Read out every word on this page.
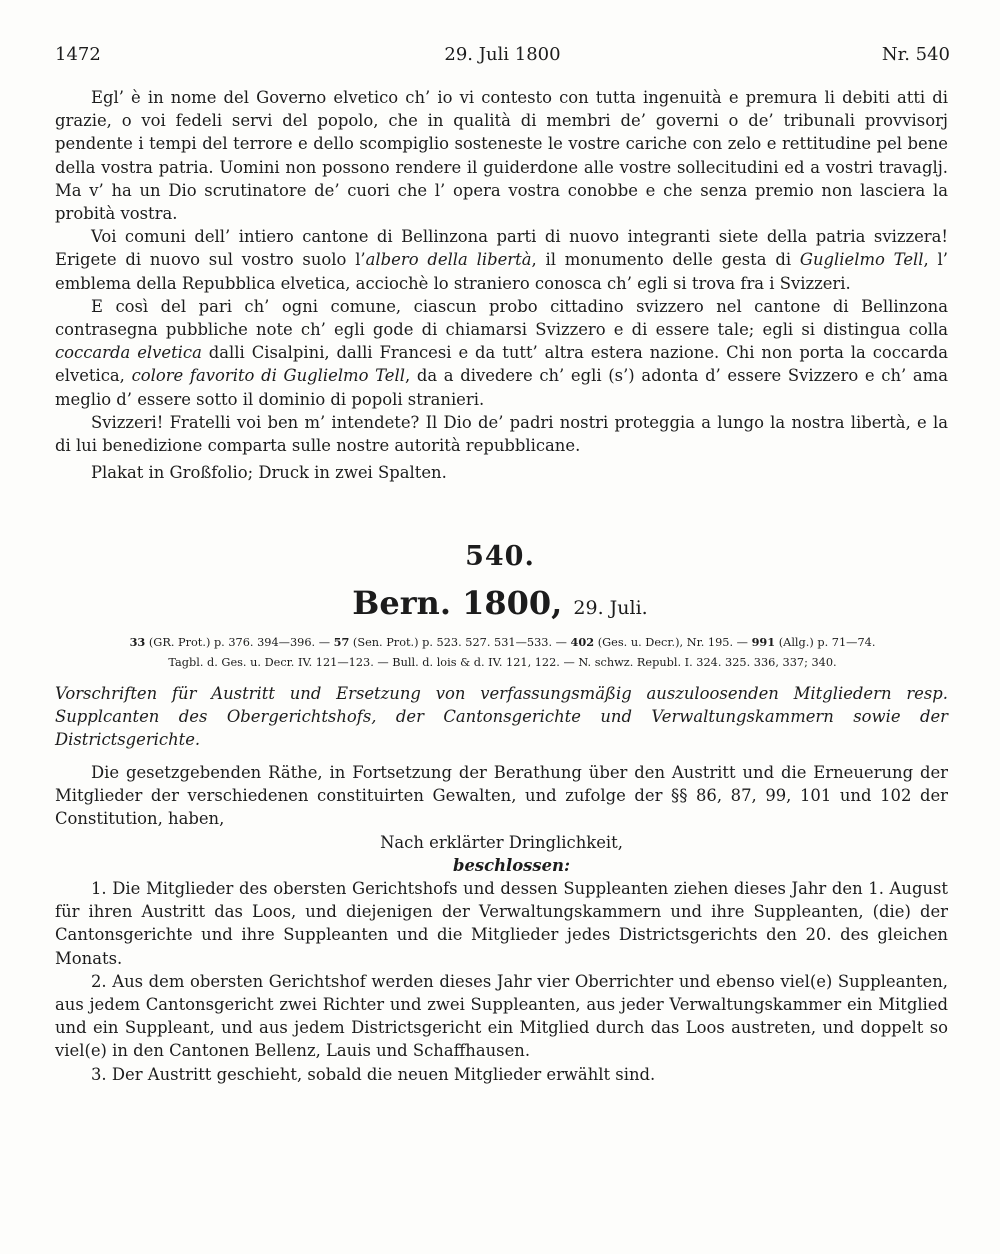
1472	29. Juli 1800	Nr. 540

Egl’ è in nome del Governo elvetico ch’ io vi contesto con tutta ingenuità e premura li debiti atti di grazie, o voi fedeli servi del popolo, che in qualità di membri de’ governi o de’ tribunali provvisorj pendente i tempi del terrore e dello scompiglio sosteneste le vostre cariche con zelo e rettitudine pel bene della vostra patria. Uomini non possono rendere il guiderdone alle vostre sollecitudini ed a vostri travaglj. Ma v’ ha un Dio scrutinatore de’ cuori che l’ opera vostra conobbe e che senza premio non lasciera la probità vostra.

Voi comuni dell’ intiero cantone di Bellinzona parti di nuovo integranti siete della patria svizzera! Erigete di nuovo sul vostro suolo l’albero della libertà, il monumento delle gesta di Guglielmo Tell, l’ emblema della Repubblica elvetica, acciochè lo straniero conosca ch’ egli si trova fra i Svizzeri.

E così del pari ch’ ogni comune, ciascun probo cittadino svizzero nel cantone di Bellinzona contrasegna pubbliche note ch’ egli gode di chiamarsi Svizzero e di essere tale; egli si distingua colla coccarda elvetica dalli Cisalpini, dalli Francesi e da tutt’ altra estera nazione. Chi non porta la coccarda elvetica, colore favorito di Guglielmo Tell, da a divedere ch’ egli (s’) adonta d’ essere Svizzero e ch’ ama meglio d’ essere sotto il dominio di popoli stranieri.

Svizzeri! Fratelli voi ben m’ intendete? Il Dio de’ padri nostri proteggia a lungo la nostra libertà, e la di lui benedizione comparta sulle nostre autorità repubblicane.

Plakat in Großfolio; Druck in zwei Spalten.

540.
Bern. 1800, 29. Juli.
33 (GR. Prot.) p. 376. 394—396. — 57 (Sen. Prot.) p. 523. 527. 531—533. — 402 (Ges. u. Decr.), Nr. 195. — 991 (Allg.) p. 71—74.
Tagbl. d. Ges. u. Decr. IV. 121—123. — Bull. d. lois & d. IV. 121, 122. — N. schwz. Republ. I. 324. 325. 336, 337; 340.
Vorschriften für Austritt und Ersetzung von verfassungsmäßig auszuloosenden Mitgliedern resp. Supplcanten des Obergerichtshofs, der Cantonsgerichte und Verwaltungskammern sowie der Districtsgerichte.

Die gesetzgebenden Räthe, in Fortsetzung der Berathung über den Austritt und die Erneuerung der Mitglieder der verschiedenen constituirten Gewalten, und zufolge der §§ 86, 87, 99, 101 und 102 der Constitution, haben,

Nach erklärter Dringlichkeit,

beschlossen:

1. Die Mitglieder des obersten Gerichtshofs und dessen Suppleanten ziehen dieses Jahr den 1. August für ihren Austritt das Loos, und diejenigen der Verwaltungskammern und ihre Suppleanten, (die) der Cantonsgerichte und ihre Suppleanten und die Mitglieder jedes Districtsgerichts den 20. des gleichen Monats.

2. Aus dem obersten Gerichtshof werden dieses Jahr vier Oberrichter und ebenso viel(e) Suppleanten, aus jedem Cantonsgericht zwei Richter und zwei Suppleanten, aus jeder Verwaltungskammer ein Mitglied und ein Suppleant, und aus jedem Districtsgericht ein Mitglied durch das Loos austreten, und doppelt so viel(e) in den Cantonen Bellenz, Lauis und Schaffhausen.

3. Der Austritt geschieht, sobald die neuen Mitglieder erwählt sind.
